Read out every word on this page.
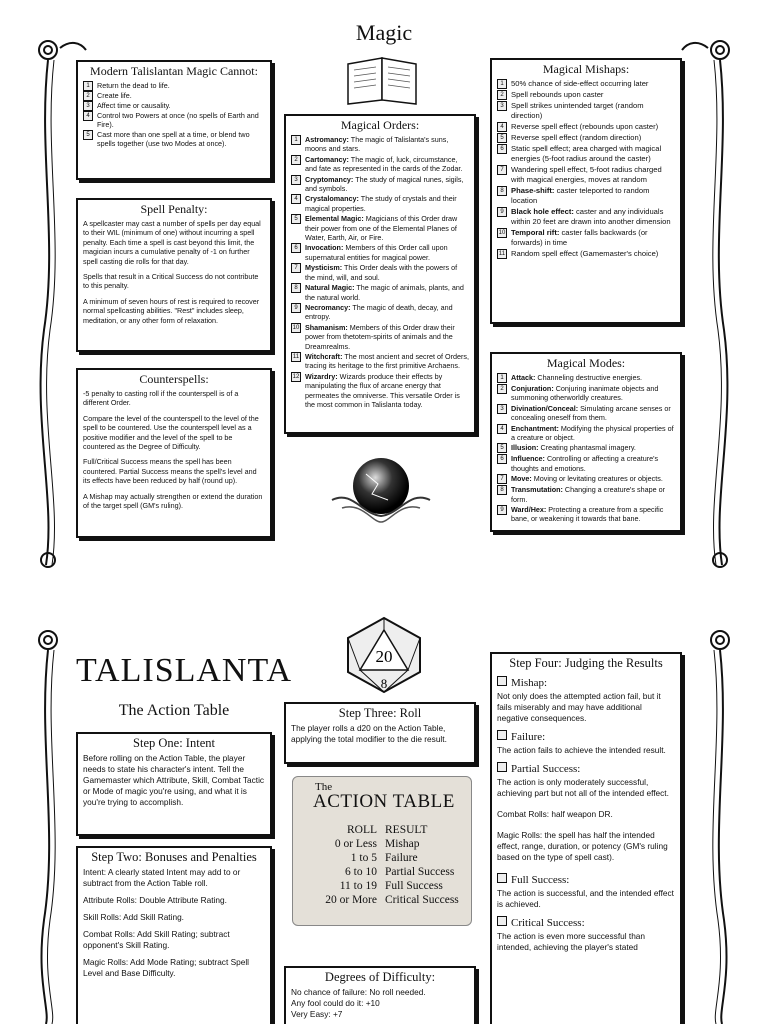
Magic
Modern Talislantan Magic Cannot:
1	Return the dead to life.
2	Create life.
3	Affect time or causality.
4	Control two Powers at once (no spells of Earth and Fire).
5	Cast more than one spell at a time, or blend two spells together (use two Modes at once).
Spell Penalty:

A spellcaster may cast a number of spells per day equal to their WIL (minimum of one) without incurring a spell penalty. Each time a spell is cast beyond this limit, the magician incurs a cumulative penalty of -1 on further spell casting die rolls for that day.

Spells that result in a Critical Success do not contribute to this penalty.

A minimum of seven hours of rest is required to recover normal spellcasting abilities. "Rest" includes sleep, meditation, or any other form of relaxation.

Counterspells:

-5 penalty to casting roll if the counterspell is of a different Order.

Compare the level of the counterspell to the level of the spell to be countered. Use the counterspell level as a positive modifier and the level of the spell to be countered as the Degree of Difficulty.

Full/Critical Success means the spell has been countered. Partial Success means the spell's level and its effects have been reduced by half (round up).

A Mishap may actually strengthen or extend the duration of the target spell (GM's ruling).

Magical Orders:
1	Astromancy: The magic of Talislanta's suns, moons and stars.
2	Cartomancy: The magic of, luck, circumstance, and fate as represented in the cards of the Zodar.
3	Cryptomancy: The study of magical runes, sigils, and symbols.
4	Crystalomancy: The study of crystals and their magical properties.
5	Elemental Magic: Magicians of this Order draw their power from one of the Elemental Planes of Water, Earth, Air, or Fire.
6	Invocation: Members of this Order call upon supernatural entities for magical power.
7	Mysticism: This Order deals with the powers of the mind, will, and soul.
8	Natural Magic: The magic of animals, plants, and the natural world.
9	Necromancy: The magic of death, decay, and entropy.
10 Shamanism: Members of this Order draw their power from thetotem-spirits of animals and the Dreamrealms.
11 Witchcraft: The most ancient and secret of Orders, tracing its heritage to the first primitive Archaens.
12 Wizardry: Wizards produce their effects by manipulating the flux of arcane energy that permeates the omniverse. This versatile Order is the most common in Talislanta today.
Magical Mishaps:
1 50% chance of side-effect occurring later
2 Spell rebounds upon caster
3 Spell strikes unintended target (random direction)
4 Reverse spell effect (rebounds upon caster)
5 Reverse spell effect (random direction)
6 Static spell effect; area charged with magical energies (5-foot radius around the caster)
7 Wandering spell effect, 5-foot radius charged with magical energies, moves at random
8 Phase-shift: caster teleported to random location
9 Black hole effect: caster and any individuals within 20 feet are drawn into another dimension
10 Temporal rift: caster falls backwards (or forwards) in time
11 Random spell effect (Gamemaster's choice)
Magical Modes:
1	Attack: Channeling destructive energies.
2	Conjuration: Conjuring inanimate objects and summoning otherworldly creatures.
3	Divination/Conceal: Simulating arcane senses or concealing oneself from them.
4	Enchantment: Modifying the physical properties of a creature or object.
5	Illusion: Creating phantasmal imagery.
6	Influence: Controlling or affecting a creature's thoughts and emotions.
7	Move: Moving or levitating creatures or objects.
8	Transmutation: Changing a creature's shape or form.
9	Ward/Hex: Protecting a creature from a specific bane, or weakening it towards that bane.
TALISLANTA
The Action Table
20
8
Step One: Intent

Before rolling on the Action Table, the player needs to state his character's intent. Tell the Gamemaster which Attribute, Skill, Combat Tactic or Mode of magic you're using, and what it is you're trying to accomplish.

Step Two: Bonuses and Penalties

Intent: A clearly stated Intent may add to or subtract from the Action Table roll.

Attribute Rolls: Double Attribute Rating.

Skill Rolls: Add Skill Rating.

Combat Rolls: Add Skill Rating; subtract opponent's Skill Rating.

Magic Rolls: Add Mode Rating; subtract Spell Level and Base Difficulty.

Step Three: Roll

The player rolls a d20 on the Action Table, applying the total modifier to the die result.

The
ACTION TABLE
ROLL RESULT
0 or Less Mishap
1 to 5 Failure
6 to 10 Partial Success
11 to 19 Full Success
20 or More Critical Success
Degrees of Difficulty:
No chance of failure: No roll needed.
Any fool could do it: +10
Very Easy: +7
Step Four: Judging the Results
Mishap:
Not only does the attempted action fail, but it fails miserably and may have additional negative consequences.
Failure:
The action fails to achieve the intended result.
Partial Success:
The action is only moderately successful, achieving part but not all of the intended effect.
Combat Rolls: half weapon DR.
Magic Rolls: the spell has half the intended effect, range, duration, or potency (GM's ruling based on the type of spell cast).
Full Success:
The action is successful, and the intended effect is achieved.
Critical Success:
The action is even more successful than intended, achieving the player's stated
